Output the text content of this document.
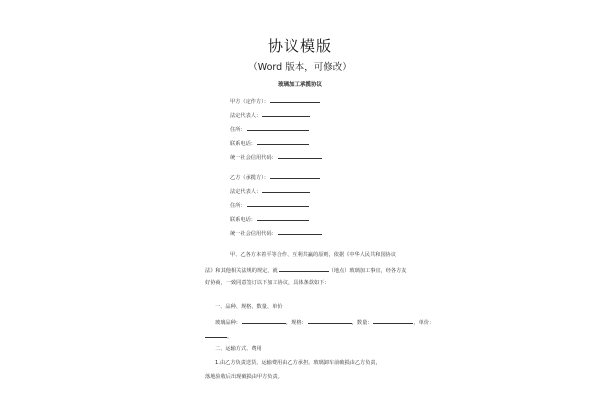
协议模版
（Word 版本，可修改）
玻璃加工承揽协议
甲方（定作方）：
法定代表人：
住所：
联系电话：
统一社会信用代码：
乙方（承揽方）：
法定代表人：
住所：
联系电话：
统一社会信用代码：
甲、乙各方本着平等合作、互利共赢的原则，依据《中华人民共和国协议
法》和其他相关法规的规定，就	（地点）玻璃加工事宜，经各方友
好协商，一致同意签订以下加工协议，具体条款如下：
一、品种、规格、数量、单价
玻璃品种：	，规格：	，数量：	，单价：
。
二、运输方式、费用
1.由乙方负责送货，运输费用由乙方承担。玻璃卸车前破损由乙方负责，
落地验收后出现破损由甲方负责。
